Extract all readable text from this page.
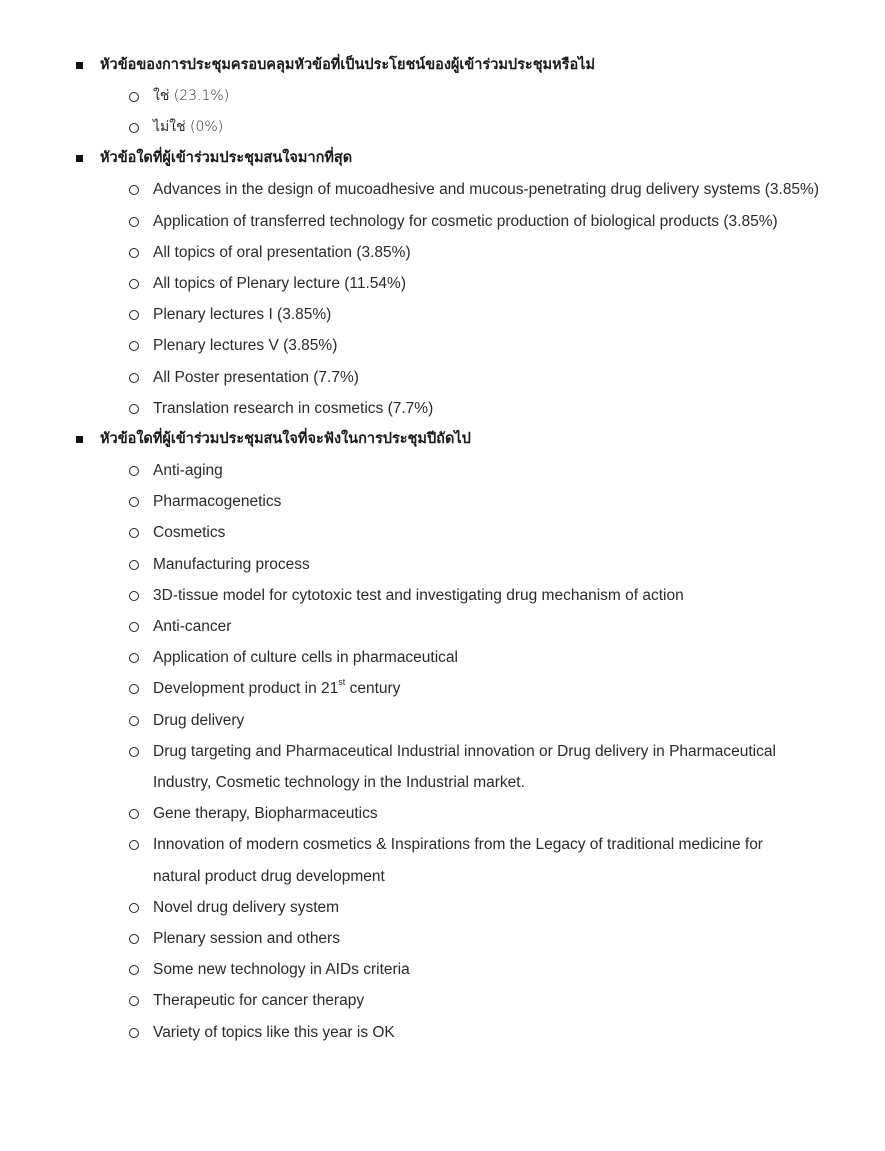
หัวข้อของการประชุมครอบคลุมหัวข้อที่เป็นประโยชน์ของผู้เข้าร่วมประชุมหรือไม่
ใช่ (23.1%)
ไม่ใช่ (0%)
หัวข้อใดที่ผู้เข้าร่วมประชุมสนใจมากที่สุด
Advances in the design of mucoadhesive and mucous-penetrating drug delivery systems (3.85%)
Application of transferred technology for cosmetic production of biological products (3.85%)
All topics of oral presentation (3.85%)
All topics of Plenary lecture (11.54%)
Plenary lectures I (3.85%)
Plenary lectures V (3.85%)
All Poster presentation (7.7%)
Translation research in cosmetics (7.7%)
หัวข้อใดที่ผู้เข้าร่วมประชุมสนใจที่จะฟังในการประชุมปีถัดไป
Anti-aging
Pharmacogenetics
Cosmetics
Manufacturing process
3D-tissue model for cytotoxic test and investigating drug mechanism of action
Anti-cancer
Application of culture cells in pharmaceutical
Development product in 21st century
Drug delivery
Drug targeting and Pharmaceutical Industrial innovation or Drug delivery in Pharmaceutical Industry, Cosmetic technology in the Industrial market.
Gene therapy, Biopharmaceutics
Innovation of modern cosmetics & Inspirations from the Legacy of traditional medicine for natural product drug development
Novel drug delivery system
Plenary session and others
Some new technology in AIDs criteria
Therapeutic for cancer therapy
Variety of topics like this year is OK
